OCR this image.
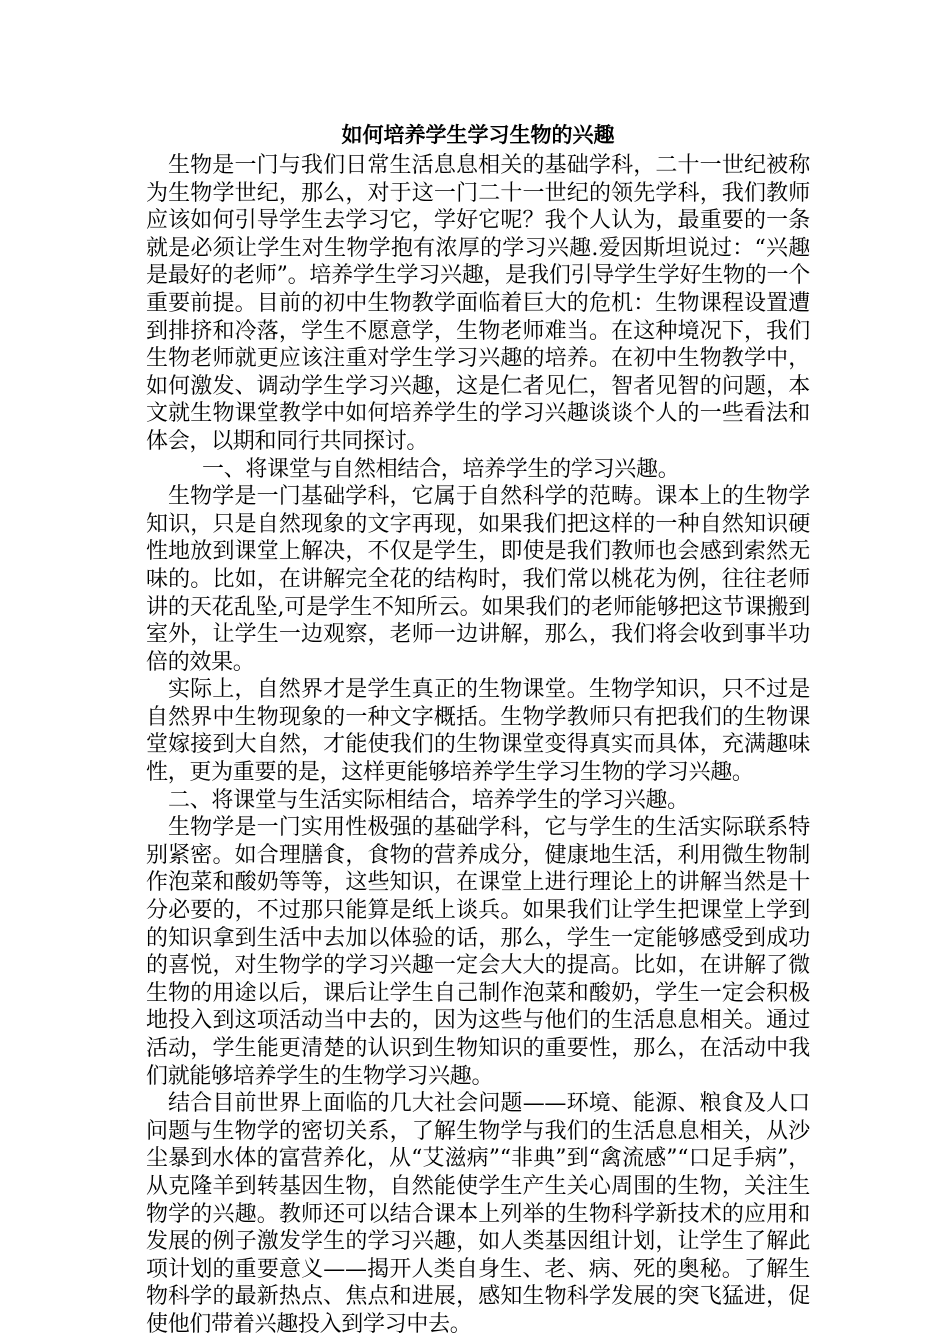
如何培养学生学习生物的兴趣

生物是一门与我们日常生活息息相关的基础学科，二十一世纪被称为生物学世纪，那么，对于这一门二十一世纪的领先学科，我们教师应该如何引导学生去学习它，学好它呢？我个人认为，最重要的一条就是必须让学生对生物学抱有浓厚的学习兴趣.爱因斯坦说过：“兴趣是最好的老师”。培养学生学习兴趣，是我们引导学生学好生物的一个重要前提。目前的初中生物教学面临着巨大的危机：生物课程设置遭到排挤和冷落，学生不愿意学，生物老师难当。在这种境况下，我们生物老师就更应该注重对学生学习兴趣的培养。在初中生物教学中，如何激发、调动学生学习兴趣，这是仁者见仁，智者见智的问题，本文就生物课堂教学中如何培养学生的学习兴趣谈谈个人的一些看法和体会，以期和同行共同探讨。

一、将课堂与自然相结合，培养学生的学习兴趣。

生物学是一门基础学科，它属于自然科学的范畴。课本上的生物学知识，只是自然现象的文字再现，如果我们把这样的一种自然知识硬性地放到课堂上解决，不仅是学生，即使是我们教师也会感到索然无味的。比如，在讲解完全花的结构时，我们常以桃花为例，往往老师讲的天花乱坠,可是学生不知所云。如果我们的老师能够把这节课搬到室外，让学生一边观察，老师一边讲解，那么，我们将会收到事半功倍的效果。

实际上，自然界才是学生真正的生物课堂。生物学知识，只不过是自然界中生物现象的一种文字概括。生物学教师只有把我们的生物课堂嫁接到大自然，才能使我们的生物课堂变得真实而具体，充满趣味性，更为重要的是，这样更能够培养学生学习生物的学习兴趣。

二、将课堂与生活实际相结合，培养学生的学习兴趣。

生物学是一门实用性极强的基础学科，它与学生的生活实际联系特别紧密。如合理膳食，食物的营养成分，健康地生活，利用微生物制作泡菜和酸奶等等，这些知识，在课堂上进行理论上的讲解当然是十分必要的，不过那只能算是纸上谈兵。如果我们让学生把课堂上学到的知识拿到生活中去加以体验的话，那么，学生一定能够感受到成功的喜悦，对生物学的学习兴趣一定会大大的提高。比如，在讲解了微生物的用途以后，课后让学生自己制作泡菜和酸奶，学生一定会积极地投入到这项活动当中去的，因为这些与他们的生活息息相关。通过活动，学生能更清楚的认识到生物知识的重要性，那么，在活动中我们就能够培养学生的生物学习兴趣。

结合目前世界上面临的几大社会问题——环境、能源、粮食及人口问题与生物学的密切关系，了解生物学与我们的生活息息相关，从沙尘暴到水体的富营养化，从“艾滋病”“非典”到“禽流感”“口足手病”，从克隆羊到转基因生物，自然能使学生产生关心周围的生物，关注生物学的兴趣。教师还可以结合课本上列举的生物科学新技术的应用和发展的例子激发学生的学习兴趣，如人类基因组计划，让学生了解此项计划的重要意义——揭开人类自身生、老、病、死的奥秘。了解生物科学的最新热点、焦点和进展，感知生物科学发展的突飞猛进，促使他们带着兴趣投入到学习中去。
